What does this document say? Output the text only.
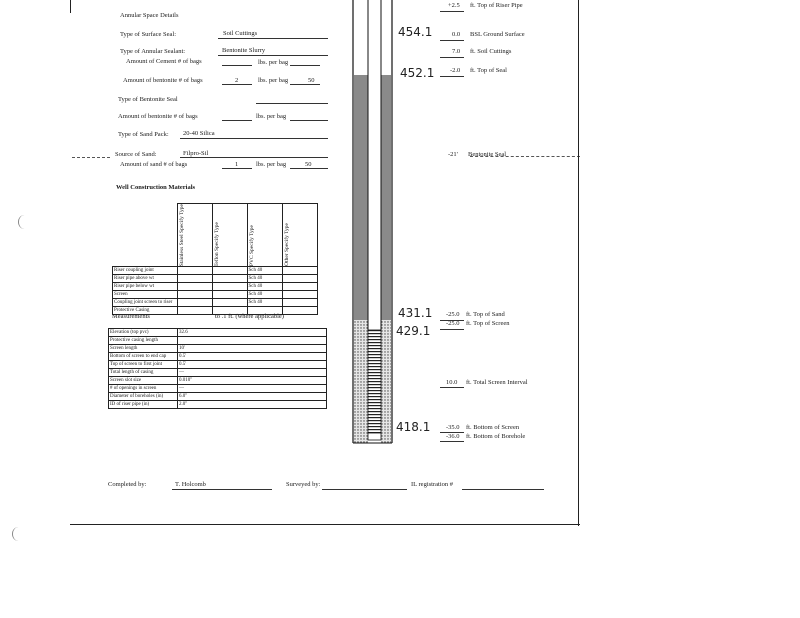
Annular Space Details
Type of Surface Seal:	Soil Cuttings
Type of Annular Sealant:	Bentonite Slurry
Amount of Cement # of bags	lbs. per bag
Amount of bentonite # of bags	2	lbs. per bag	50
Type of Bentonite Seal
Amount of bentonite # of bags	lbs. per bag
Type of Sand Pack: 20-40 Silica
Source of Sand:	Filpro-Sil
Amount of sand # of bags	1	lbs. per bag	50
Well Construction Materials

	Stainless Steel Specify Type	Teflon Specify Type	PVC Specify Type	Other Specify Type

Riser coupling joint			Sch 40	
Riser pipe above wt			Sch 40	
Riser pipe below wt			Sch 40	
Screen			Sch 40	
Coupling joint screen to riser			Sch 40	
Protective Casing				
Measurements	to .1 ft. (where applicable)
Elevation (top pvc)	32.6
Protective casing length	
Screen length	10'
Bottom of screen to end cap	0.5'
Top of screen to first joint	0.5'
Total length of casing	—
Screen slot size	0.010"
# of openings in screen	—
Diameter of boreholes (in)	6.0"
ID of riser pipe (in)	2.0"
Completed by:	T. Holcomb	Surveyed by:	IL registration #
+2.5 ft. Top of Riser Pipe
0.0 BSL Ground Surface
7.0 ft. Soil Cuttings
-2.0 ft. Top of Seal
-21' Bentonite Seal
-25.0 ft. Top of Sand
-25.0 ft. Top of Screen
10.0 ft. Total Screen Interval
-35.0 ft. Bottom of Screen
-36.0 ft. Bottom of Borehole
454.1
452.1
431.1
429.1
418.1
